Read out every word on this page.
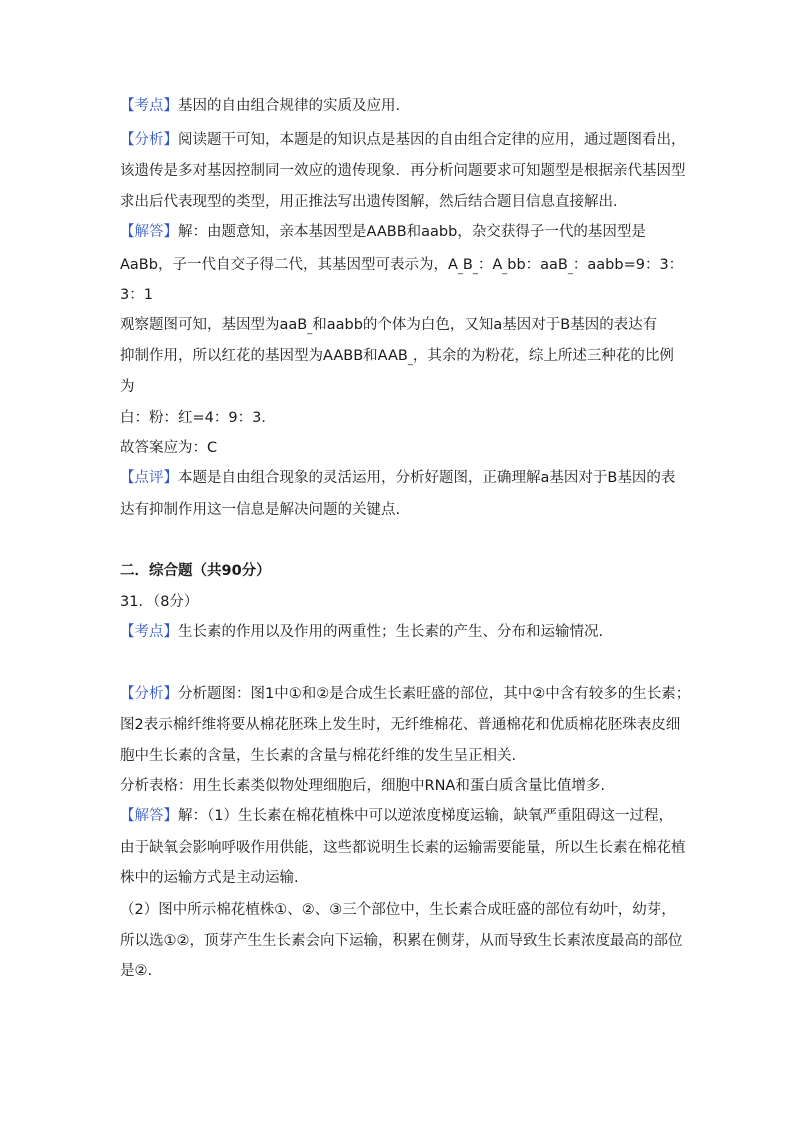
【考点】基因的自由组合规律的实质及应用.
【分析】阅读题干可知，本题是的知识点是基因的自由组合定律的应用，通过题图看出，
该遗传是多对基因控制同一效应的遗传现象．再分析问题要求可知题型是根据亲代基因型
求出后代表现型的类型，用正推法写出遗传图解，然后结合题目信息直接解出.
【解答】解：由题意知，亲本基因型是AABB和aabb，杂交获得子一代的基因型是
AaBb，子一代自交子得二代，其基因型可表示为，$A_{\_}B_{\_}$：$A_{\_}bb$：aaB$_{\_}$：aabb=9：3：
3：1
观察题图可知，基因型为aaB$_{\_}$和aabb的个体为白色，又知a基因对于B基因的表达有
抑制作用，所以红花的基因型为AABB和$AAB_{\_}$，其余的为粉花，综上所述三种花的比例
为
白：粉：红=4：9：3．
故答案应为：C
【点评】本题是自由组合现象的灵活运用，分析好题图，正确理解a基因对于B基因的表
达有抑制作用这一信息是解决问题的关键点.
二．综合题（共90分）
31．（8分）
【考点】生长素的作用以及作用的两重性；生长素的产生、分布和运输情况.
【分析】分析题图：图1中①和②是合成生长素旺盛的部位，其中②中含有较多的生长素；
图2表示棉纤维将要从棉花胚珠上发生时，无纤维棉花、普通棉花和优质棉花胚珠表皮细
胞中生长素的含量，生长素的含量与棉花纤维的发生呈正相关.
分析表格：用生长素类似物处理细胞后，细胞中RNA和蛋白质含量比值增多.
【解答】解：（1）生长素在棉花植株中可以逆浓度梯度运输，缺氧严重阻碍这一过程，
由于缺氧会影响呼吸作用供能，这些都说明生长素的运输需要能量，所以生长素在棉花植
株中的运输方式是主动运输.
（2）图中所示棉花植株①、②、③三个部位中，生长素合成旺盛的部位有幼叶，幼芽，
所以选①②，顶芽产生生长素会向下运输，积累在侧芽，从而导致生长素浓度最高的部位
是②.
